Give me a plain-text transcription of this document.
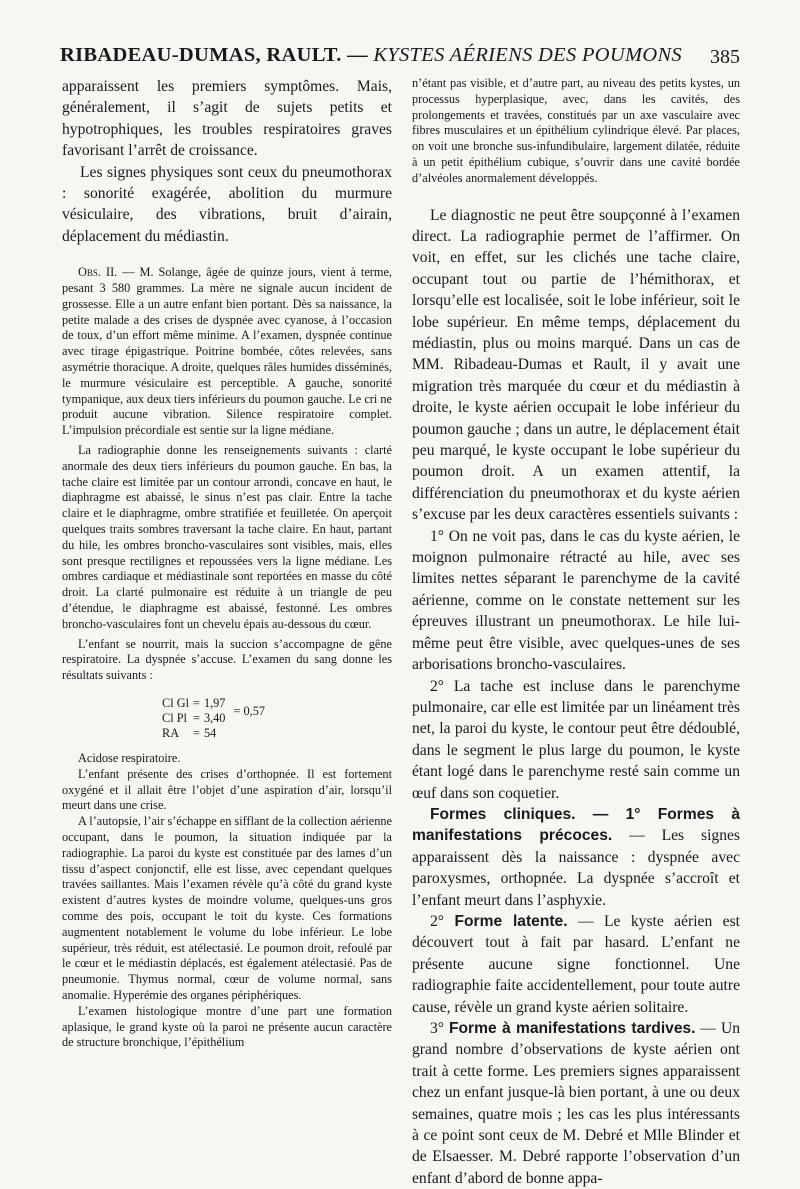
RIBADEAU-DUMAS, RAULT. — KYSTES AÉRIENS DES POUMONS 385

apparaissent les premiers symptômes. Mais, généralement, il s’agit de sujets petits et hypotrophiques, les troubles respiratoires graves favorisant l’arrêt de croissance.

Les signes physiques sont ceux du pneumothorax : sonorité exagérée, abolition du murmure vésiculaire, des vibrations, bruit d’airain, déplacement du médiastin.

Obs. II. — M. Solange, âgée de quinze jours, vient à terme, pesant 3 580 grammes. La mère ne signale aucun incident de grossesse. Elle a un autre enfant bien portant. Dès sa naissance, la petite malade a des crises de dyspnée avec cyanose, à l’occasion de toux, d’un effort même minime. A l’examen, dyspnée continue avec tirage épigastrique. Poitrine bombée, côtes relevées, sans asymétrie thoracique. A droite, quelques râles humides disséminés, le murmure vésiculaire est perceptible. A gauche, sonorité tympanique, aux deux tiers inférieurs du poumon gauche. Le cri ne produit aucune vibration. Silence respiratoire complet. L’impulsion précordiale est sentie sur la ligne médiane.

La radiographie donne les renseignements suivants : clarté anormale des deux tiers inférieurs du poumon gauche. En bas, la tache claire est limitée par un contour arrondi, concave en haut, le diaphragme est abaissé, le sinus n’est pas clair. Entre la tache claire et le diaphragme, ombre stratifiée et feuilletée. On aperçoit quelques traits sombres traversant la tache claire. En haut, partant du hile, les ombres broncho-vasculaires sont visibles, mais, elles sont presque rectilignes et repoussées vers la ligne médiane. Les ombres cardiaque et médiastinale sont reportées en masse du côté droit. La clarté pulmonaire est réduite à un triangle de peu d’étendue, le diaphragme est abaissé, festonné. Les ombres broncho-vasculaires font un chevelu épais au-dessous du cœur.

L’enfant se nourrit, mais la succion s’accompagne de gêne respiratoire. La dyspnée s’accuse. L’examen du sang donne les résultats suivants :

Cl Gl	=	1,97
Cl Pl	=	3,40
RA	=	54
= 0,57

Acidose respiratoire.

L’enfant présente des crises d’orthopnée. Il est fortement oxygéné et il allait être l’objet d’une aspiration d’air, lorsqu’il meurt dans une crise.

A l’autopsie, l’air s’échappe en sifflant de la collection aérienne occupant, dans le poumon, la situation indiquée par la radiographie. La paroi du kyste est constituée par des lames d’un tissu d’aspect conjonctif, elle est lisse, avec cependant quelques travées saillantes. Mais l’examen révèle qu’à côté du grand kyste existent d’autres kystes de moindre volume, quelques-uns gros comme des pois, occupant le toit du kyste. Ces formations augmentent notablement le volume du lobe inférieur. Le lobe supérieur, très réduit, est atélectasié. Le poumon droit, refoulé par le cœur et le médiastin déplacés, est également atélectasié. Pas de pneumonie. Thymus normal, cœur de volume normal, sans anomalie. Hyperémie des organes périphériques.

L’examen histologique montre d’une part une formation aplasique, le grand kyste où la paroi ne présente aucun caractère de structure bronchique, l’épithélium

n’étant pas visible, et d’autre part, au niveau des petits kystes, un processus hyperplasique, avec, dans les cavités, des prolongements et travées, constitués par un axe vasculaire avec fibres musculaires et un épithélium cylindrique élevé. Par places, on voit une bronche sus-infundibulaire, largement dilatée, réduite à un petit épithélium cubique, s’ouvrir dans une cavité bordée d’alvéoles anormalement développés.

Le diagnostic ne peut être soupçonné à l’examen direct. La radiographie permet de l’affirmer. On voit, en effet, sur les clichés une tache claire, occupant tout ou partie de l’hémithorax, et lorsqu’elle est localisée, soit le lobe inférieur, soit le lobe supérieur. En même temps, déplacement du médiastin, plus ou moins marqué. Dans un cas de MM. Ribadeau-Dumas et Rault, il y avait une migration très marquée du cœur et du médiastin à droite, le kyste aérien occupait le lobe inférieur du poumon gauche ; dans un autre, le déplacement était peu marqué, le kyste occupant le lobe supérieur du poumon droit. A un examen attentif, la différenciation du pneumothorax et du kyste aérien s’excuse par les deux caractères essentiels suivants :

1° On ne voit pas, dans le cas du kyste aérien, le moignon pulmonaire rétracté au hile, avec ses limites nettes séparant le parenchyme de la cavité aérienne, comme on le constate nettement sur les épreuves illustrant un pneumothorax. Le hile lui-même peut être visible, avec quelques-unes de ses arborisations broncho-vasculaires.

2° La tache est incluse dans le parenchyme pulmonaire, car elle est limitée par un linéament très net, la paroi du kyste, le contour peut être dédoublé, dans le segment le plus large du poumon, le kyste étant logé dans le parenchyme resté sain comme un œuf dans son coquetier.

Formes cliniques. — 1° Formes à manifestations précoces. — Les signes apparaissent dès la naissance : dyspnée avec paroxysmes, orthopnée. La dyspnée s’accroît et l’enfant meurt dans l’asphyxie.

2° Forme latente. — Le kyste aérien est découvert tout à fait par hasard. L’enfant ne présente aucune signe fonctionnel. Une radiographie faite accidentellement, pour toute autre cause, révèle un grand kyste aérien solitaire.

3° Forme à manifestations tardives. — Un grand nombre d’observations de kyste aérien ont trait à cette forme. Les premiers signes apparaissent chez un enfant jusque-là bien portant, à une ou deux semaines, quatre mois ; les cas les plus intéressants à ce point sont ceux de M. Debré et Mlle Blinder et de Elsaesser. M. Debré rapporte l’observation d’un enfant d’abord de bonne appa-
